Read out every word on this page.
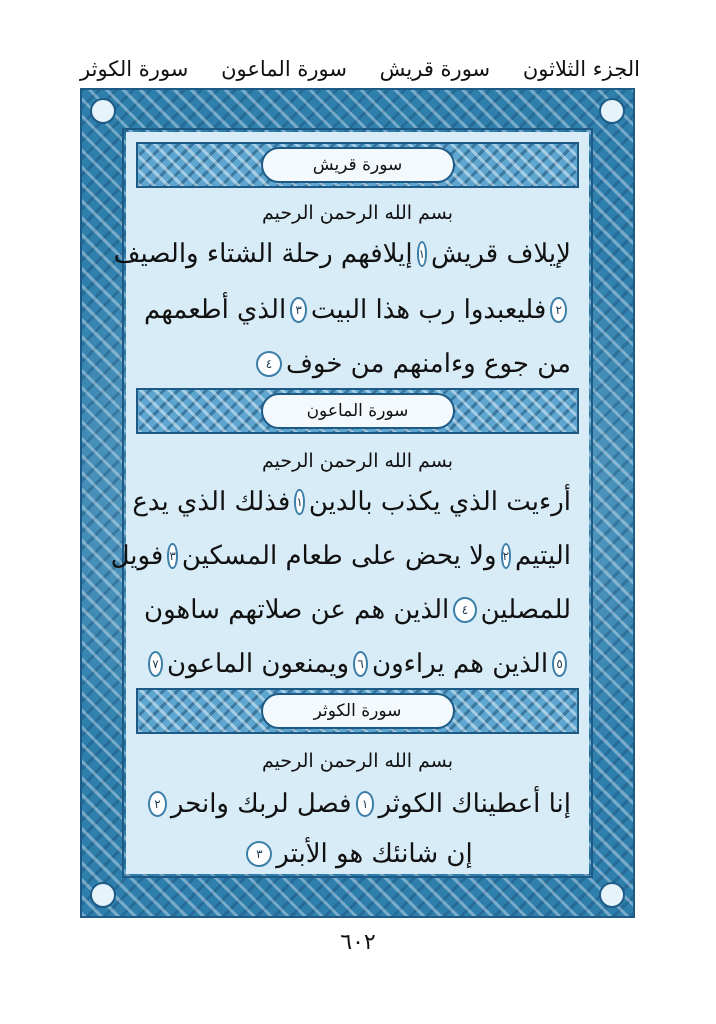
الجزء الثلاثون
سورة قريش
سورة الماعون
سورة الكوثر
سورة قريش
بسم الله الرحمن الرحيم
لإيلاف قريش
١
إيلافهم رحلة الشتاء والصيف
٢
فليعبدوا رب هذا البيت
٣
الذي أطعمهم
من جوع وءامنهم من خوف
٤
سورة الماعون
بسم الله الرحمن الرحيم
أرءيت الذي يكذب بالدين
١
فذلك الذي يدع
اليتيم
٢
ولا يحض على طعام المسكين
٣
فويل
للمصلين
٤
الذين هم عن صلاتهم ساهون
٥
الذين هم يراءون
٦
ويمنعون الماعون
٧
سورة الكوثر
بسم الله الرحمن الرحيم
إنا أعطيناك الكوثر
١
فصل لربك وانحر
٢
إن شانئك هو الأبتر
٣
٦٠٢
